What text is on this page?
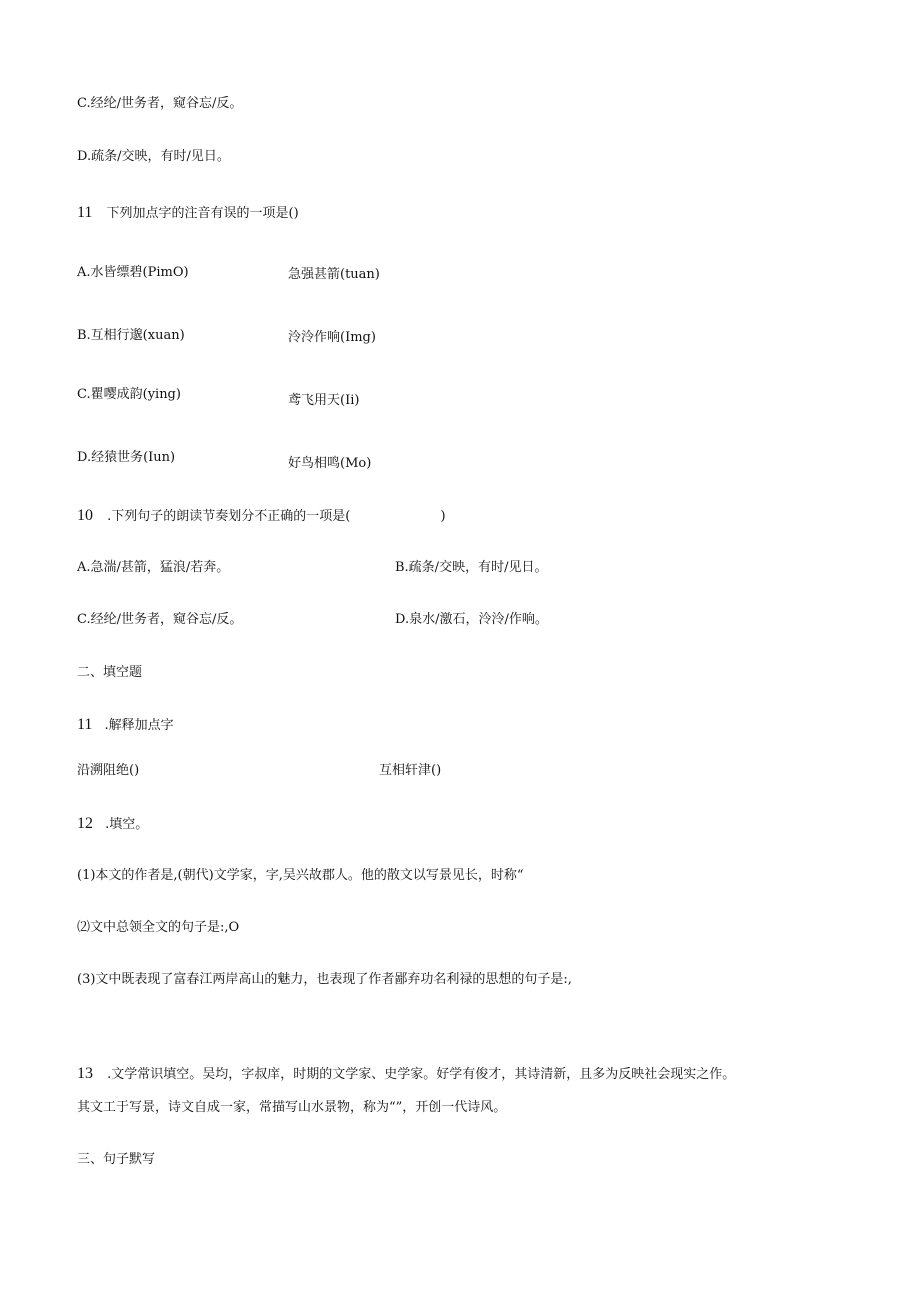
C.经纶/世务者，窥谷忘/反。
D.疏条/交映，有时/见日。
11 下列加点字的注音有误的一项是()
A.水皆缥碧(PimO)	急强甚箭(tuan)
B.互相行邈(xuan)	泠泠作响(Img)
C.瞿嘤成韵(ying)	鸢飞用天(Ii)
D.经猿世务(Iun)	好鸟相鸣(Mo)
10 .下列句子的朗读节奏划分不正确的一项是(	)
A.急湍/甚箭，猛浪/若奔。	B.疏条/交映，有时/见日。
C.经纶/世务者，窥谷忘/反。	D.泉水/激石，泠泠/作响。
二、填空题
11 .解释加点字
沿溯阻绝()	互相轩津()
12 .填空。
(1)本文的作者是,(朝代)文学家，字,吴兴故郡人。他的散文以写景见长，时称“
⑵文中总领全文的句子是:,O
(3)文中既表现了富春江两岸高山的魅力，也表现了作者鄙弃功名利禄的思想的句子是:,
13 .文学常识填空。吴均，字叔庠，时期的文学家、史学家。好学有俊才，其诗清新，且多为反映社会现实之作。
其文工于写景，诗文自成一家，常描写山水景物，称为“”，开创一代诗风。
三、句子默写
